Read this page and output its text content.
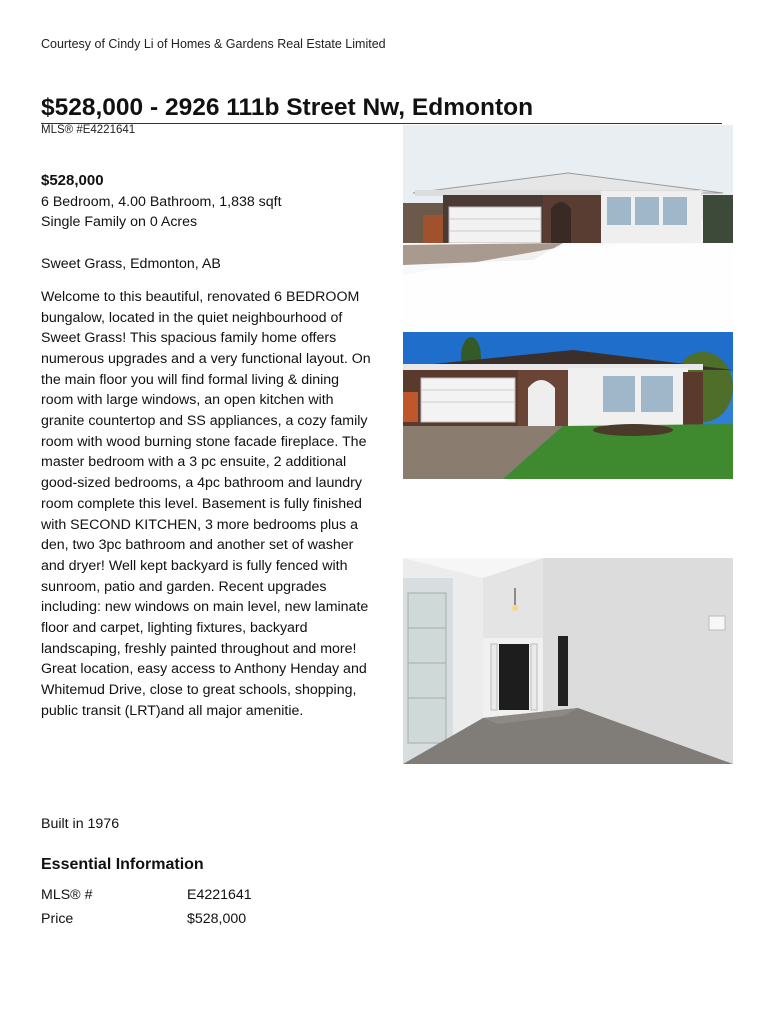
Courtesy of Cindy Li of Homes & Gardens Real Estate Limited
$528,000 - 2926 111b Street Nw, Edmonton
MLS® #E4221641
$528,000
6 Bedroom, 4.00 Bathroom, 1,838 sqft
Single Family on 0 Acres
Sweet Grass, Edmonton, AB

Welcome to this beautiful, renovated 6 BEDROOM bungalow, located in the quiet neighbourhood of Sweet Grass! This spacious family home offers numerous upgrades and a very functional layout. On the main floor you will find formal living & dining room with large windows, an open kitchen with granite countertop and SS appliances, a cozy family room with wood burning stone facade fireplace. The master bedroom with a 3 pc ensuite, 2 additional good-sized bedrooms, a 4pc bathroom and laundry room complete this level. Basement is fully finished with SECOND KITCHEN, 3 more bedrooms plus a den, two 3pc bathroom and another set of washer and dryer! Well kept backyard is fully fenced with sunroom, patio and garden. Recent upgrades including: new windows on main level, new laminate floor and carpet, lighting fixtures, backyard landscaping, freshly painted throughout and more! Great location, easy access to Anthony Henday and Whitemud Drive, close to great schools, shopping, public transit (LRT)and all major amenitie.

Built in 1976
Essential Information
MLS® #	E4221641
Price	$528,000
